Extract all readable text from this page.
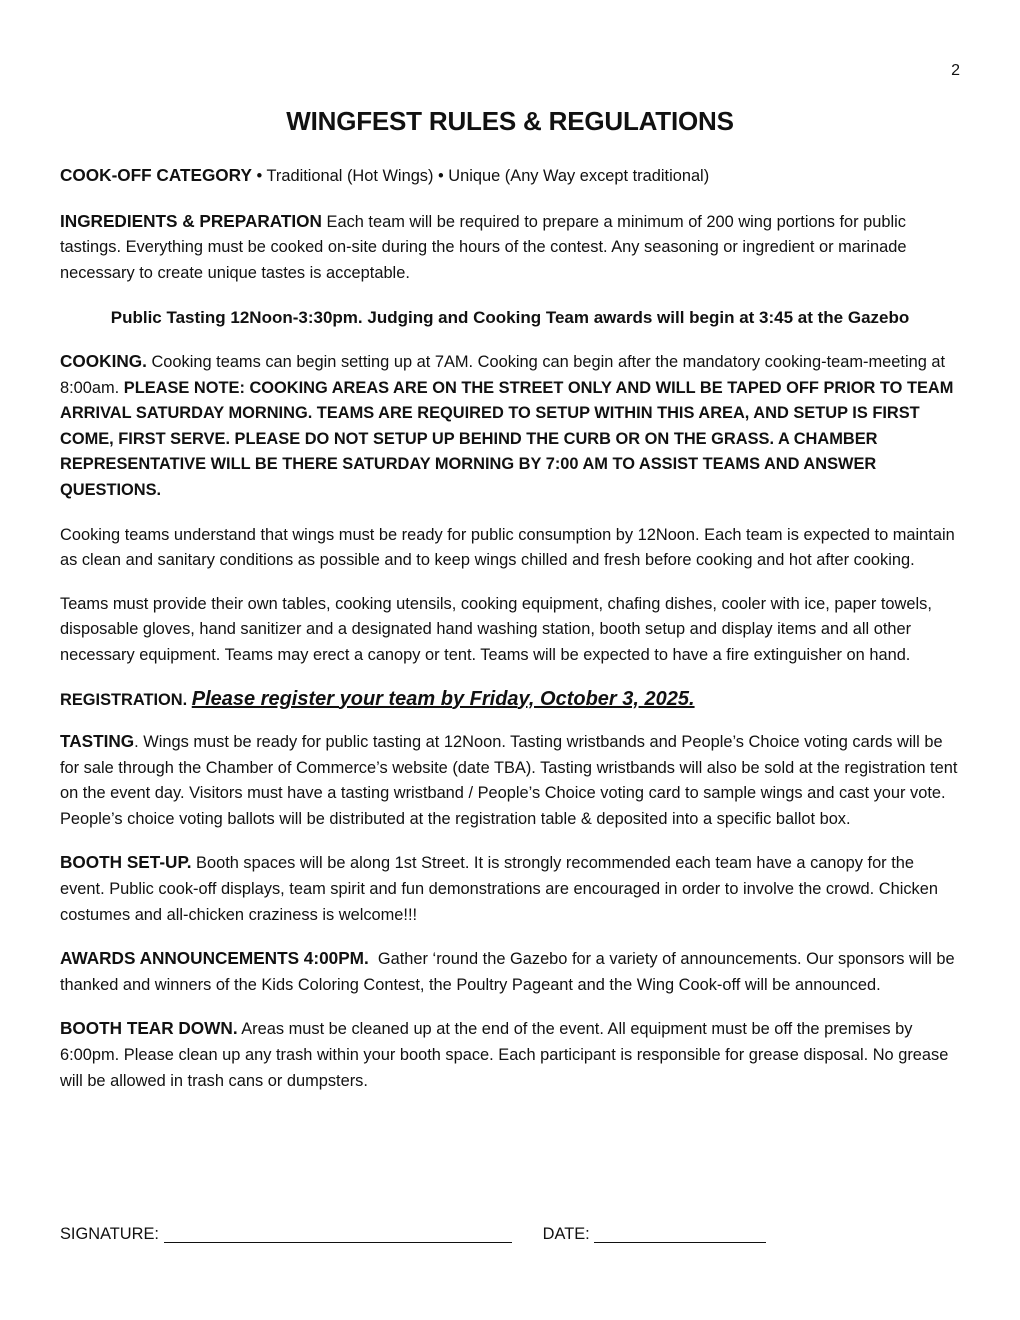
2
WINGFEST RULES & REGULATIONS

COOK-OFF CATEGORY • Traditional (Hot Wings) • Unique (Any Way except traditional)

INGREDIENTS & PREPARATION Each team will be required to prepare a minimum of 200 wing portions for public tastings. Everything must be cooked on-site during the hours of the contest. Any seasoning or ingredient or marinade necessary to create unique tastes is acceptable.

Public Tasting 12Noon-3:30pm. Judging and Cooking Team awards will begin at 3:45 at the Gazebo

COOKING. Cooking teams can begin setting up at 7AM. Cooking can begin after the mandatory cooking-team-meeting at 8:00am. PLEASE NOTE: COOKING AREAS ARE ON THE STREET ONLY AND WILL BE TAPED OFF PRIOR TO TEAM ARRIVAL SATURDAY MORNING. TEAMS ARE REQUIRED TO SETUP WITHIN THIS AREA, AND SETUP IS FIRST COME, FIRST SERVE. PLEASE DO NOT SETUP UP BEHIND THE CURB OR ON THE GRASS. A CHAMBER REPRESENTATIVE WILL BE THERE SATURDAY MORNING BY 7:00 AM TO ASSIST TEAMS AND ANSWER QUESTIONS.

Cooking teams understand that wings must be ready for public consumption by 12Noon. Each team is expected to maintain as clean and sanitary conditions as possible and to keep wings chilled and fresh before cooking and hot after cooking.

Teams must provide their own tables, cooking utensils, cooking equipment, chafing dishes, cooler with ice, paper towels, disposable gloves, hand sanitizer and a designated hand washing station, booth setup and display items and all other necessary equipment. Teams may erect a canopy or tent. Teams will be expected to have a fire extinguisher on hand.

REGISTRATION. Please register your team by Friday, October 3, 2025.

TASTING. Wings must be ready for public tasting at 12Noon. Tasting wristbands and People’s Choice voting cards will be for sale through the Chamber of Commerce’s website (date TBA). Tasting wristbands will also be sold at the registration tent on the event day. Visitors must have a tasting wristband / People’s Choice voting card to sample wings and cast your vote. People’s choice voting ballots will be distributed at the registration table & deposited into a specific ballot box.

BOOTH SET-UP. Booth spaces will be along 1st Street. It is strongly recommended each team have a canopy for the event. Public cook-off displays, team spirit and fun demonstrations are encouraged in order to involve the crowd. Chicken costumes and all-chicken craziness is welcome!!!

AWARDS ANNOUNCEMENTS 4:00PM.  Gather ‘round the Gazebo for a variety of announcements. Our sponsors will be thanked and winners of the Kids Coloring Contest, the Poultry Pageant and the Wing Cook-off will be announced.

BOOTH TEAR DOWN. Areas must be cleaned up at the end of the event. All equipment must be off the premises by 6:00pm. Please clean up any trash within your booth space. Each participant is responsible for grease disposal. No grease will be allowed in trash cans or dumpsters.

SIGNATURE:	DATE:
